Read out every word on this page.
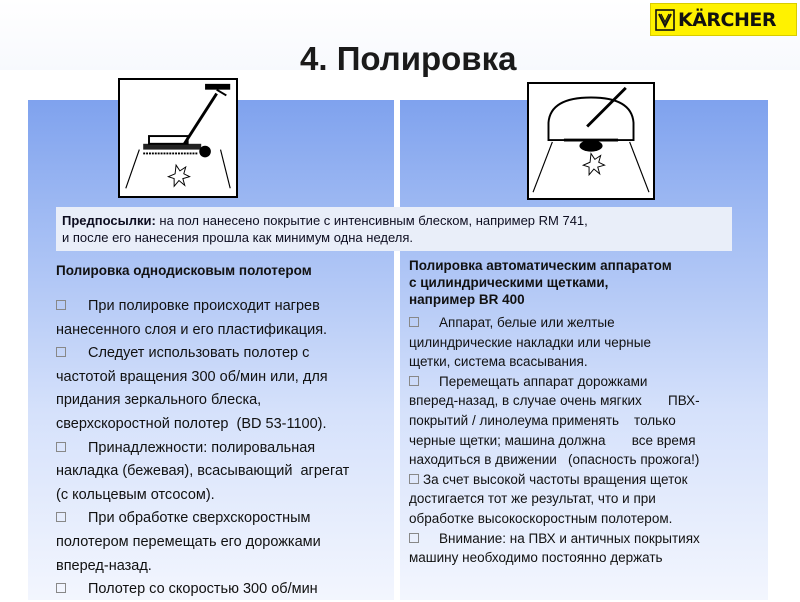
KÄRCHER
4. Полировка
Предпосылки: на пол нанесено покрытие с интенсивным блеском, например RM 741,
и после его нанесения прошла как минимум одна неделя.

Полировка однодисковым полотером

При полировке происходит нагрев

нанесенного слоя и его пластификация.

Следует использовать полотер с

частотой вращения 300 об/мин или, для

придания зеркального блеска,

сверхскоростной полотер  (BD 53-1100).

Принадлежности: полировальная

накладка (бежевая), всасывающий  агрегат

(с кольцевым отсосом).

При обработке сверхскоростным

полотером перемещать его дорожками

вперед-назад.

Полотер со скоростью 300 об/мин

Полировка автоматическим аппаратом

с цилиндрическими щетками,

например BR 400

Аппарат, белые или желтые

цилиндрические накладки или черные

щетки, система всасывания.

Перемещать аппарат дорожками

вперед-назад, в случае очень мягких       ПВХ-

покрытий / линолеума применять    только

черные щетки; машина должна       все время

находиться в движении   (опасность прожога!)

За счет высокой частоты вращения щеток

достигается тот же результат, что и при

обработке высокоскоростным полотером.

Внимание: на ПВХ и античных покрытиях

машину необходимо постоянно держать
